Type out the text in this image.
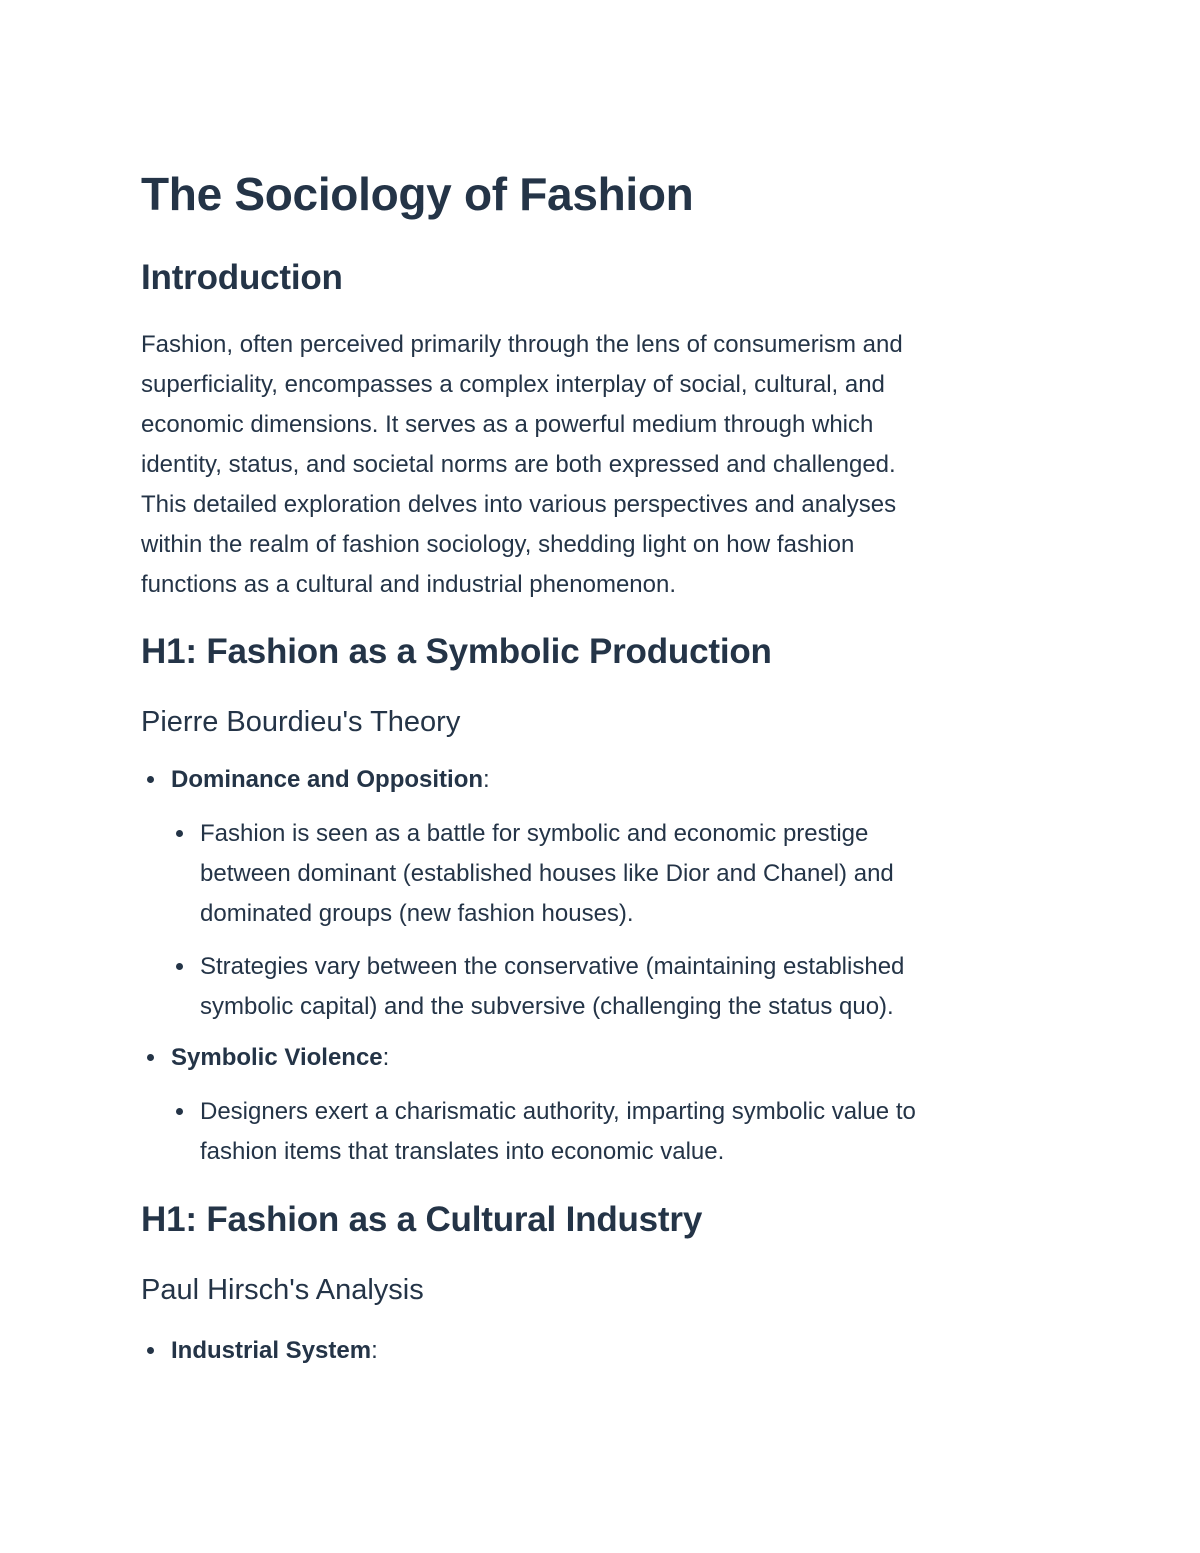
The Sociology of Fashion
Introduction

Fashion, often perceived primarily through the lens of consumerism and
superficiality, encompasses a complex interplay of social, cultural, and
economic dimensions. It serves as a powerful medium through which
identity, status, and societal norms are both expressed and challenged.
This detailed exploration delves into various perspectives and analyses
within the realm of fashion sociology, shedding light on how fashion
functions as a cultural and industrial phenomenon.

H1: Fashion as a Symbolic Production
Pierre Bourdieu's Theory
Dominance and Opposition:
Fashion is seen as a battle for symbolic and economic prestige
between dominant (established houses like Dior and Chanel) and
dominated groups (new fashion houses).
Strategies vary between the conservative (maintaining established
symbolic capital) and the subversive (challenging the status quo).
Symbolic Violence:
Designers exert a charismatic authority, imparting symbolic value to
fashion items that translates into economic value.
H1: Fashion as a Cultural Industry
Paul Hirsch's Analysis
Industrial System:
